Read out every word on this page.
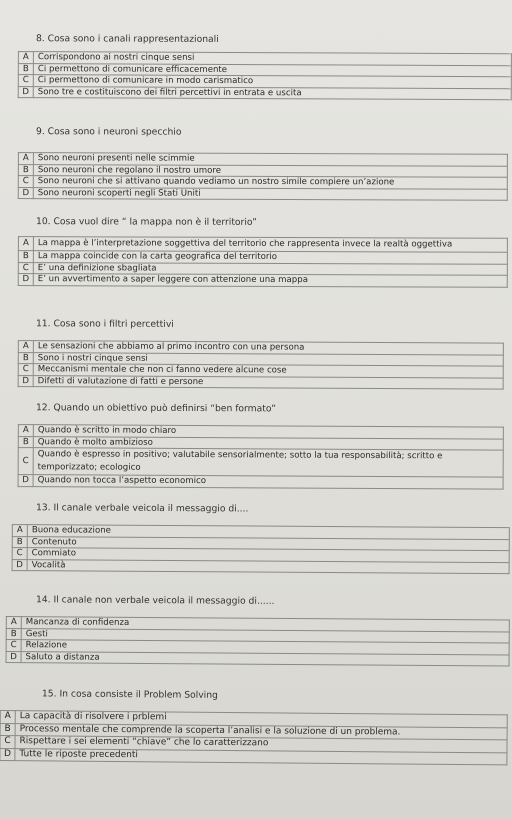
8. Cosa sono i canali rappresentazionali
A	Corrispondono ai nostri cinque sensi
B	Ci permettono di comunicare efficacemente
C	Ci permettono di comunicare in modo carismatico
D	Sono tre e costituiscono dei filtri percettivi in entrata e uscita
9. Cosa sono i neuroni specchio
A	Sono neuroni presenti nelle scimmie
B	Sono neuroni che regolano il nostro umore
C	Sono neuroni che si attivano quando vediamo un nostro simile compiere un’azione
D	Sono neuroni scoperti negli Stati Uniti
10. Cosa vuol dire “ la mappa non è il territorio”
A	La mappa è l’interpretazione soggettiva del territorio che rappresenta invece la realtà oggettiva
B	La mappa coincide con la carta geografica del territorio
C	E’ una definizione sbagliata
D	E’ un avvertimento a saper leggere con attenzione una mappa
11. Cosa sono i filtri percettivi
A	Le sensazioni che abbiamo al primo incontro con una persona
B	Sono i nostri cinque sensi
C	Meccanismi mentale che non ci fanno vedere alcune cose
D	Difetti di valutazione di fatti e persone
12. Quando un obiettivo può definirsi “ben formato”
A	Quando è scritto in modo chiaro
B	Quando è molto ambizioso
C	Quando è espresso in positivo; valutabile sensorialmente; sotto la tua responsabilità; scritto e temporizzato; ecologico
D	Quando non tocca l’aspetto economico
13. Il canale verbale veicola il messaggio di....
A	Buona educazione
B	Contenuto
C	Commiato
D	Vocalità
14. Il canale non verbale veicola il messaggio di......
A	Mancanza di confidenza
B	Gesti
C	Relazione
D	Saluto a distanza
15. In cosa consiste il Problem Solving
A	La capacità di risolvere i prblemi
B	Processo mentale che comprende la scoperta l’analisi e la soluzione di un problema.
C	Rispettare i sei elementi “chiave” che lo caratterizzano
D	Tutte le riposte precedenti
